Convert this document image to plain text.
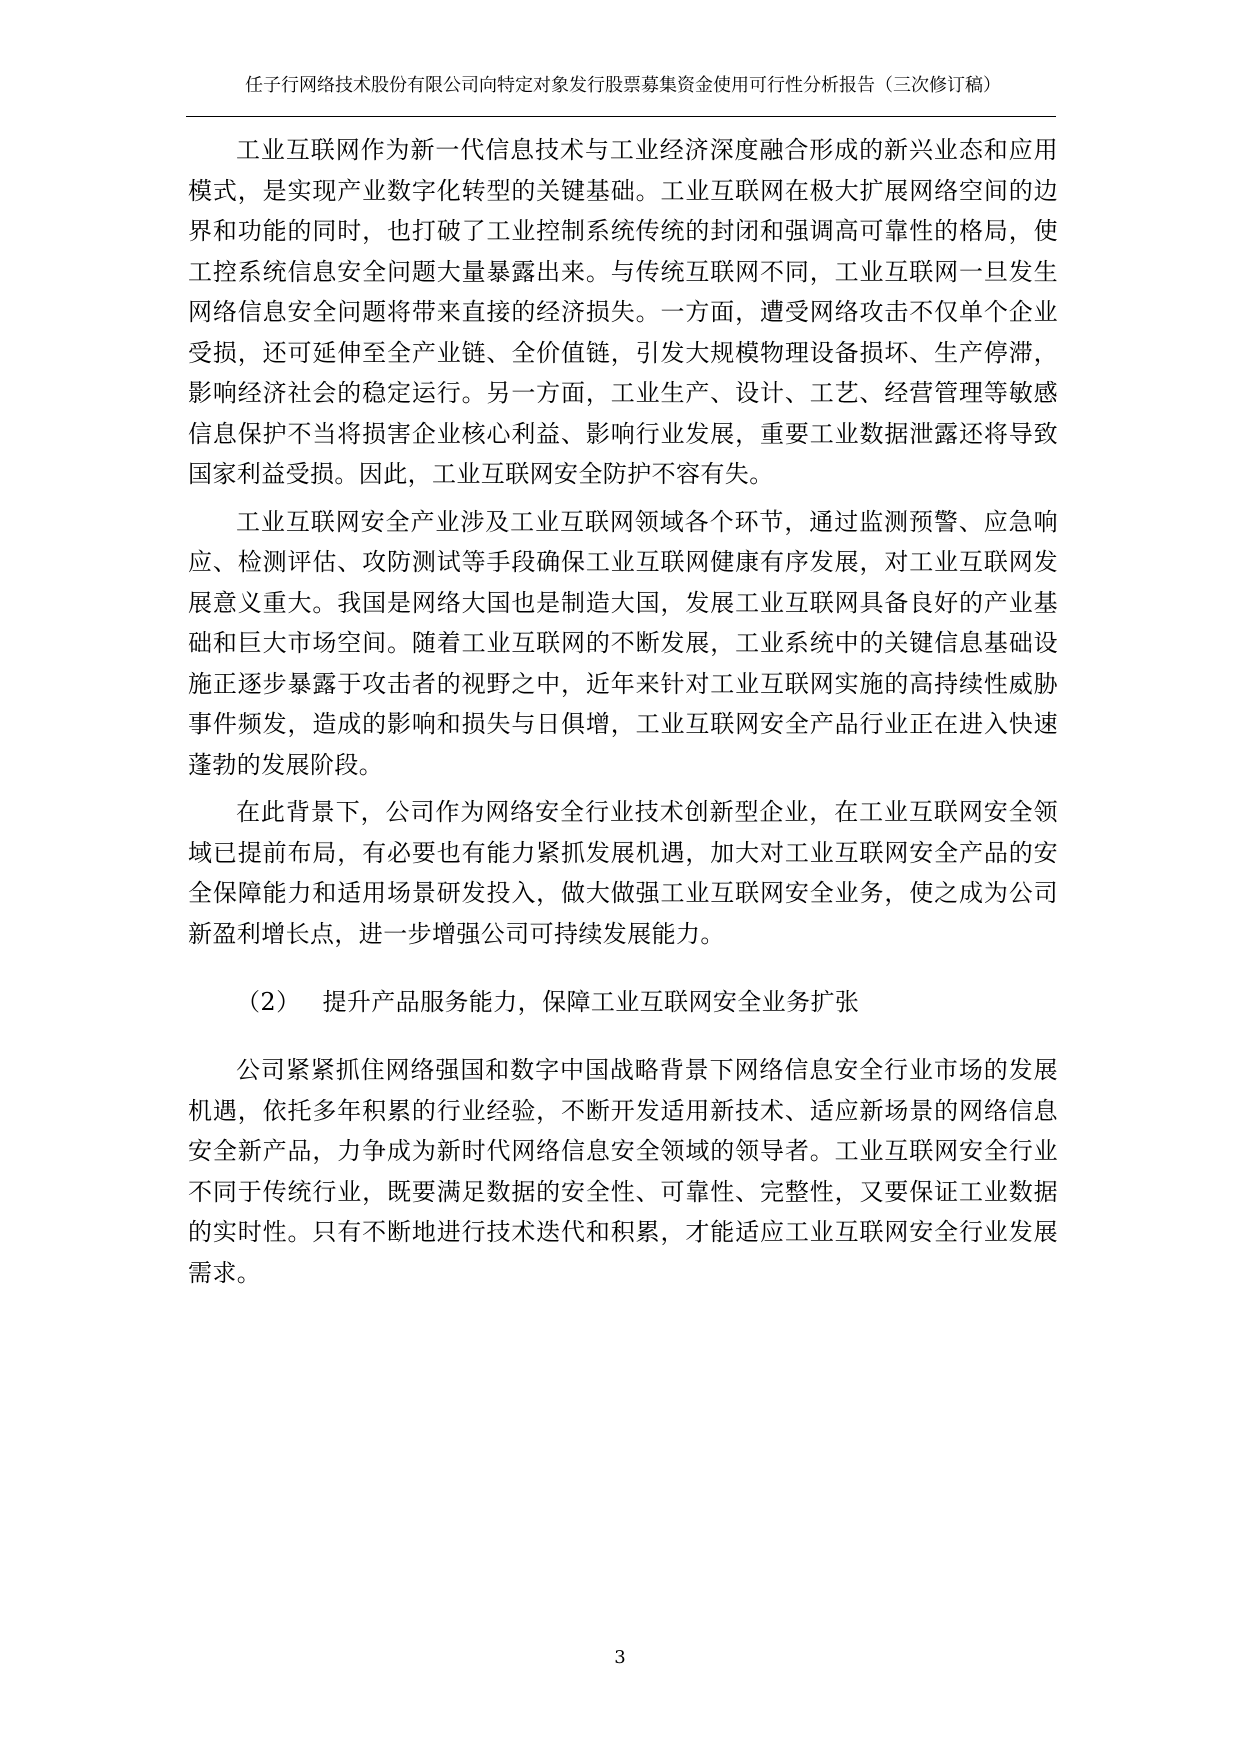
任子行网络技术股份有限公司向特定对象发行股票募集资金使用可行性分析报告（三次修订稿）

工业互联网作为新一代信息技术与工业经济深度融合形成的新兴业态和应用模式，是实现产业数字化转型的关键基础。工业互联网在极大扩展网络空间的边界和功能的同时，也打破了工业控制系统传统的封闭和强调高可靠性的格局，使工控系统信息安全问题大量暴露出来。与传统互联网不同，工业互联网一旦发生网络信息安全问题将带来直接的经济损失。一方面，遭受网络攻击不仅单个企业受损，还可延伸至全产业链、全价值链，引发大规模物理设备损坏、生产停滞，影响经济社会的稳定运行。另一方面，工业生产、设计、工艺、经营管理等敏感信息保护不当将损害企业核心利益、影响行业发展，重要工业数据泄露还将导致国家利益受损。因此，工业互联网安全防护不容有失。

工业互联网安全产业涉及工业互联网领域各个环节，通过监测预警、应急响应、检测评估、攻防测试等手段确保工业互联网健康有序发展，对工业互联网发展意义重大。我国是网络大国也是制造大国，发展工业互联网具备良好的产业基础和巨大市场空间。随着工业互联网的不断发展，工业系统中的关键信息基础设施正逐步暴露于攻击者的视野之中，近年来针对工业互联网实施的高持续性威胁事件频发，造成的影响和损失与日俱增，工业互联网安全产品行业正在进入快速蓬勃的发展阶段。

在此背景下，公司作为网络安全行业技术创新型企业，在工业互联网安全领域已提前布局，有必要也有能力紧抓发展机遇，加大对工业互联网安全产品的安全保障能力和适用场景研发投入，做大做强工业互联网安全业务，使之成为公司新盈利增长点，进一步增强公司可持续发展能力。

（2） 提升产品服务能力，保障工业互联网安全业务扩张

公司紧紧抓住网络强国和数字中国战略背景下网络信息安全行业市场的发展机遇，依托多年积累的行业经验，不断开发适用新技术、适应新场景的网络信息安全新产品，力争成为新时代网络信息安全领域的领导者。工业互联网安全行业不同于传统行业，既要满足数据的安全性、可靠性、完整性，又要保证工业数据的实时性。只有不断地进行技术迭代和积累，才能适应工业互联网安全行业发展需求。

3
